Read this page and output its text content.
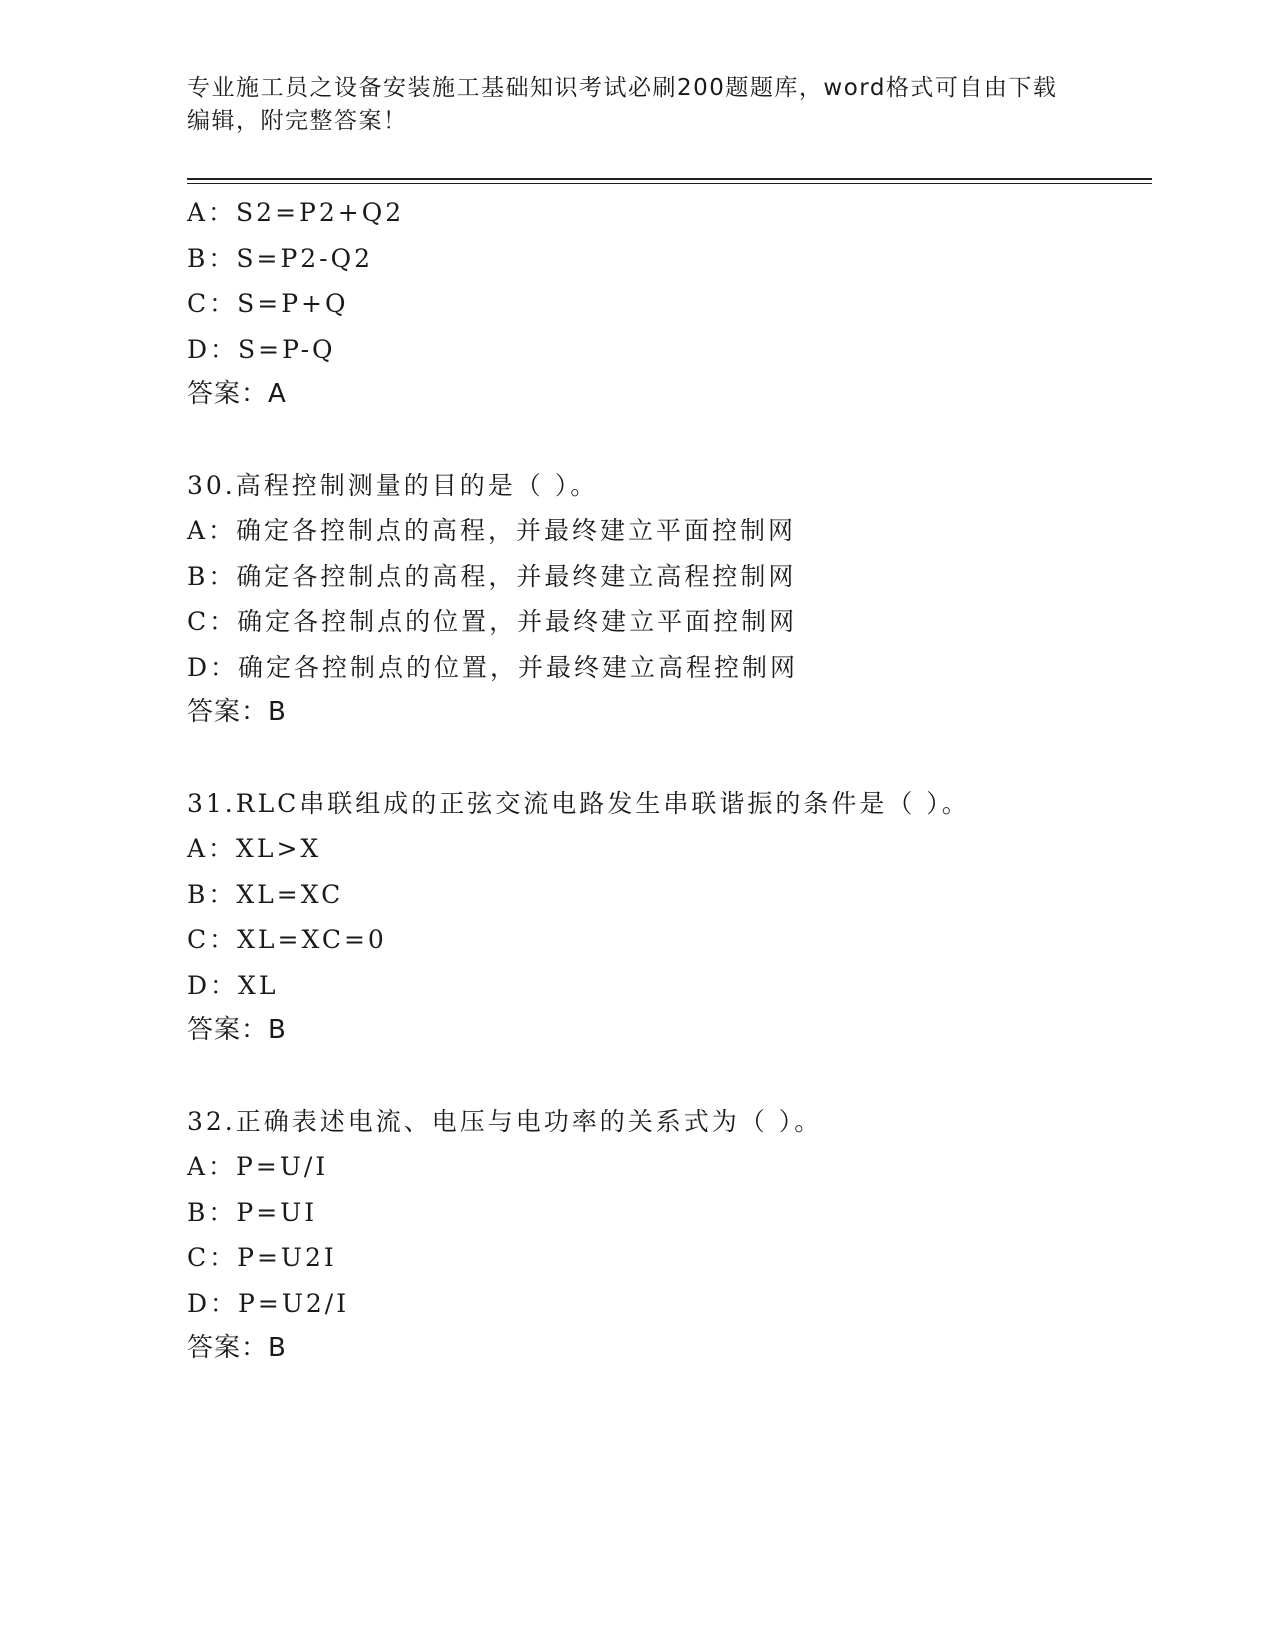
专业施工员之设备安装施工基础知识考试必刷200题题库，word格式可自由下载
编辑，附完整答案！
A：S2=P2+Q2
B：S=P2-Q2
C：S=P+Q
D：S=P-Q
答案：A
30.高程控制测量的目的是（ ）。
A：确定各控制点的高程，并最终建立平面控制网
B：确定各控制点的高程，并最终建立高程控制网
C：确定各控制点的位置，并最终建立平面控制网
D：确定各控制点的位置，并最终建立高程控制网
答案：B
31.RLC串联组成的正弦交流电路发生串联谐振的条件是（ ）。
A：XL>X
B：XL=XC
C：XL=XC=0
D：XL
答案：B
32.正确表述电流、电压与电功率的关系式为（ ）。
A：P=U/I
B：P=UI
C：P=U2I
D：P=U2/I
答案：B
